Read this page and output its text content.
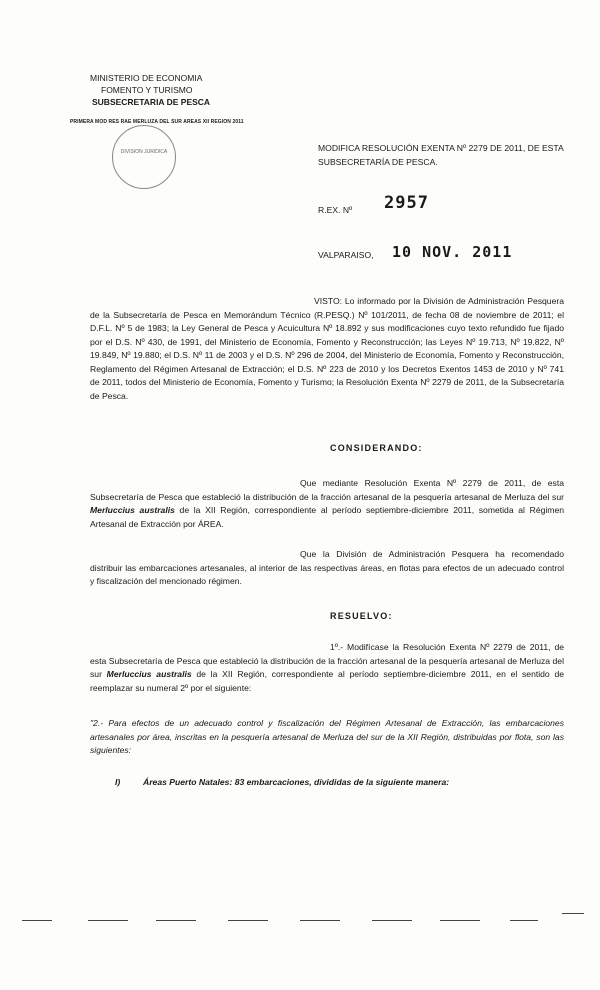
MINISTERIO DE ECONOMIA
FOMENTO Y TURISMO
SUBSECRETARIA DE PESCA
PRIMERA MOD RES RAE MERLUZA DEL SUR AREAS XII REGION 2011
DIVISION JURIDICA	MODIFICA RESOLUCIÓN EXENTA Nº 2279 DE 2011, DE ESTA SUBSECRETARÍA DE PESCA.
R.EX. Nº 2957
VALPARAISO, 10 NOV. 2011
VISTO: Lo informado por la División de Administración Pesquera de la Subsecretaría de Pesca en Memorándum Técnico (R.PESQ.) Nº 101/2011, de fecha 08 de noviembre de 2011; el D.F.L. Nº 5 de 1983; la Ley General de Pesca y Acuicultura Nº 18.892 y sus modificaciones cuyo texto refundido fue fijado por el D.S. Nº 430, de 1991, del Ministerio de Economía, Fomento y Reconstrucción; las Leyes Nº 19.713, Nº 19.822, Nº 19.849, Nº 19.880; el D.S. Nº 11 de 2003 y el D.S. Nº 296 de 2004, del Ministerio de Economía, Fomento y Reconstrucción, Reglamento del Régimen Artesanal de Extracción; el D.S. Nº 223 de 2010 y los Decretos Exentos 1453 de 2010 y Nº 741 de 2011, todos del Ministerio de Economía, Fomento y Turismo; la Resolución Exenta Nº 2279 de 2011, de la Subsecretaría de Pesca.
CONSIDERANDO:
Que mediante Resolución Exenta Nº 2279 de 2011, de esta Subsecretaría de Pesca que estableció la distribución de la fracción artesanal de la pesquería artesanal de Merluza del sur Merluccius australis de la XII Región, correspondiente al período septiembre-diciembre 2011, sometida al Régimen Artesanal de Extracción por ÁREA.
Que la División de Administración Pesquera ha recomendado distribuir las embarcaciones artesanales, al interior de las respectivas áreas, en flotas para efectos de un adecuado control y fiscalización del mencionado régimen.
RESUELVO:
1º.- Modifícase la Resolución Exenta Nº 2279 de 2011, de esta Subsecretaría de Pesca que estableció la distribución de la fracción artesanal de la pesquería artesanal de Merluza del sur Merluccius australis de la XII Región, correspondiente al período septiembre-diciembre 2011, en el sentido de reemplazar su numeral 2º por el siguiente:
"2.- Para efectos de un adecuado control y fiscalización del Régimen Artesanal de Extracción, las embarcaciones artesanales por área, inscritas en la pesquería artesanal de Merluza del sur de la XII Región, distribuidas por flota, son las siguientes:
I)	Áreas Puerto Natales: 83 embarcaciones, divididas de la siguiente manera:
